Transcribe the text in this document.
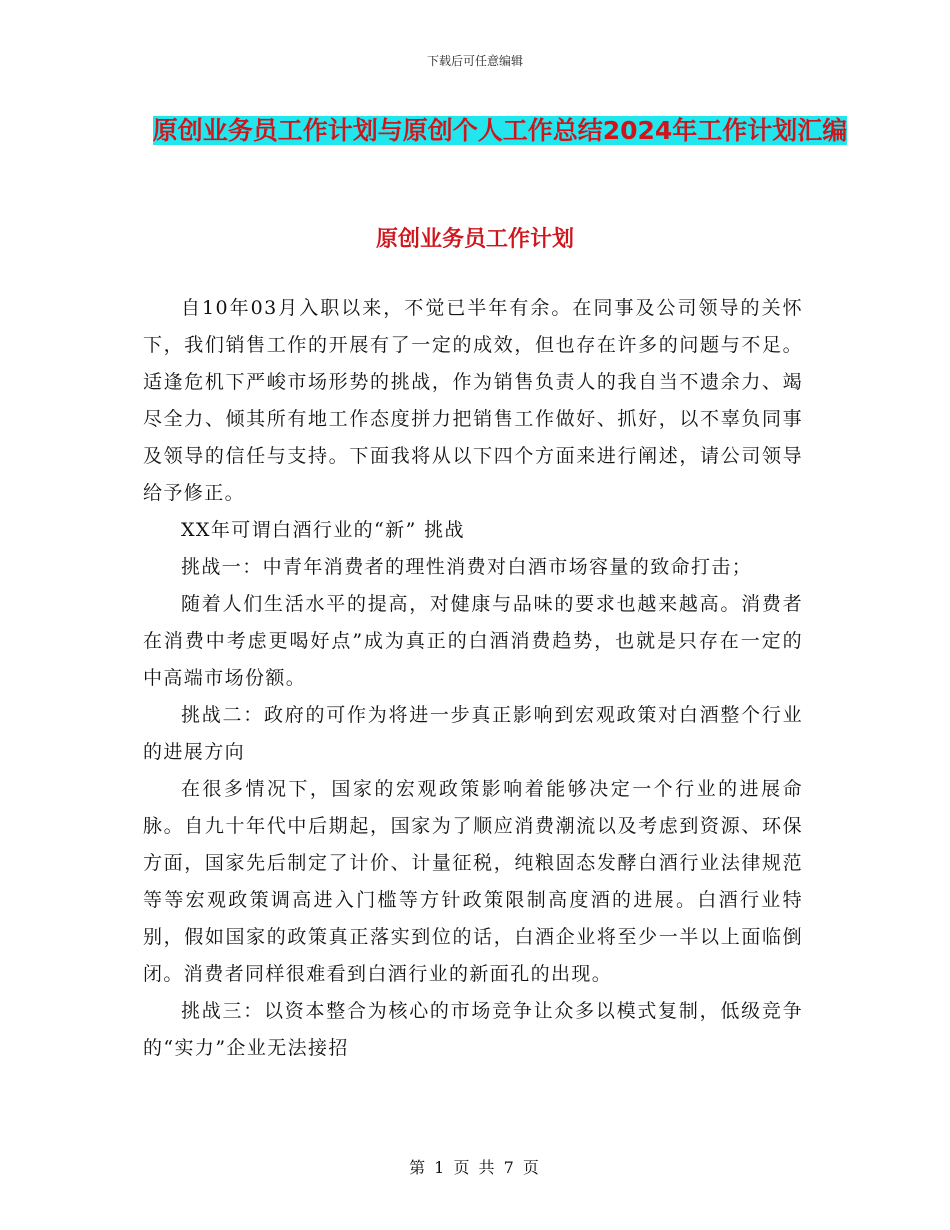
下载后可任意编辑
原创业务员工作计划与原创个人工作总结2024年工作计划汇编
原创业务员工作计划

自10年03月入职以来，不觉已半年有余。在同事及公司领导的关怀下，我们销售工作的开展有了一定的成效，但也存在许多的问题与不足。适逢危机下严峻市场形势的挑战，作为销售负责人的我自当不遗余力、竭尽全力、倾其所有地工作态度拼力把销售工作做好、抓好，以不辜负同事及领导的信任与支持。下面我将从以下四个方面来进行阐述，请公司领导给予修正。

XX年可谓白酒行业的“新” 挑战

挑战一：中青年消费者的理性消费对白酒市场容量的致命打击；

随着人们生活水平的提高，对健康与品味的要求也越来越高。消费者在消费中考虑更喝好点”成为真正的白酒消费趋势，也就是只存在一定的中高端市场份额。

挑战二：政府的可作为将进一步真正影响到宏观政策对白酒整个行业的进展方向

在很多情况下，国家的宏观政策影响着能够决定一个行业的进展命脉。自九十年代中后期起，国家为了顺应消费潮流以及考虑到资源、环保方面，国家先后制定了计价、计量征税，纯粮固态发酵白酒行业法律规范等等宏观政策调高进入门槛等方针政策限制高度酒的进展。白酒行业特别，假如国家的政策真正落实到位的话，白酒企业将至少一半以上面临倒闭。消费者同样很难看到白酒行业的新面孔的出现。

挑战三：以资本整合为核心的市场竞争让众多以模式复制，低级竞争的“实力”企业无法接招

第 1 页 共 7 页
